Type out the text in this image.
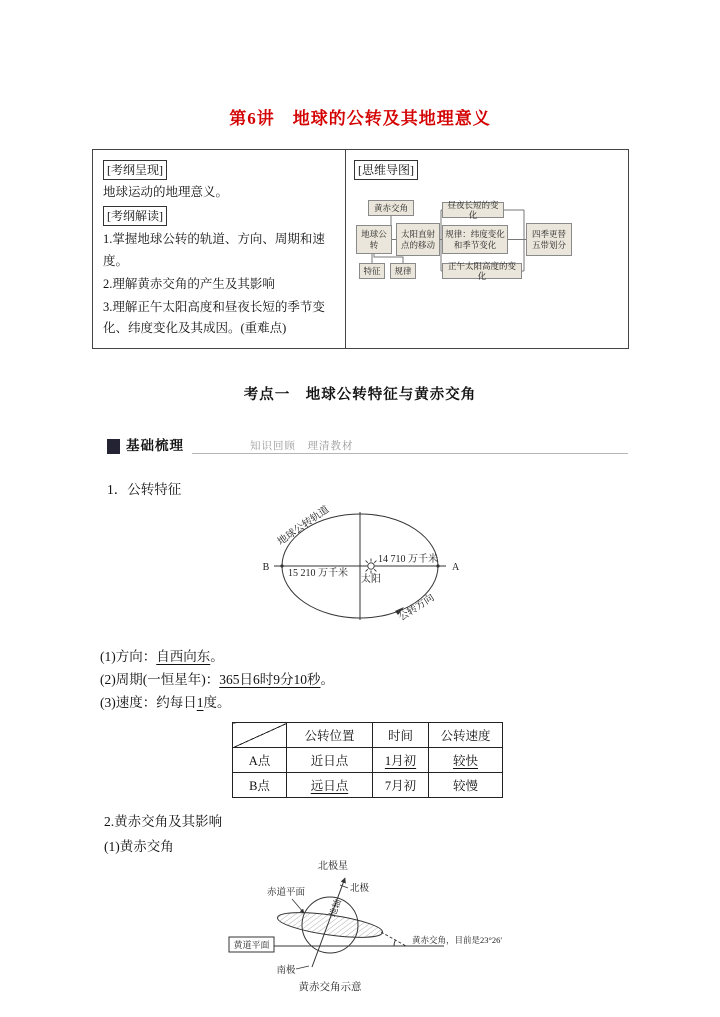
第6讲　地球的公转及其地理意义
[考纲呈现]
地球运动的地理意义。
[考纲解读]
1.掌握地球公转的轨道、方向、周期和速度。
2.理解黄赤交角的产生及其影响
3.理解正午太阳高度和昼夜长短的季节变化、纬度变化及其成因。(重难点)
[思维导图]
黄赤交角	昼夜长短的变化
地球公转
太阳直射点的移动
规律：纬度变化和季节变化
四季更替五带划分
特征	规律
正午太阳高度的变化
考点一　地球公转特征与黄赤交角
基础梳理	知识回顾　理清教材
1．公转特征
太阳
14 710 万千米
15 210 万千米
B	A
地球公转轨道
公转方向
(1)方向：自西向东。
(2)周期(一恒星年)：365日6时9分10秒。
(3)速度：约每日1度。
	公转位置	时间	公转速度
A点	近日点	1月初	较快
B点	远日点	7月初	较慢
2.黄赤交角及其影响
(1)黄赤交角
北极星
北极
地轴
赤道平面
黄道平面	黄赤交角，目前是23°26′
南极
黄赤交角示意
